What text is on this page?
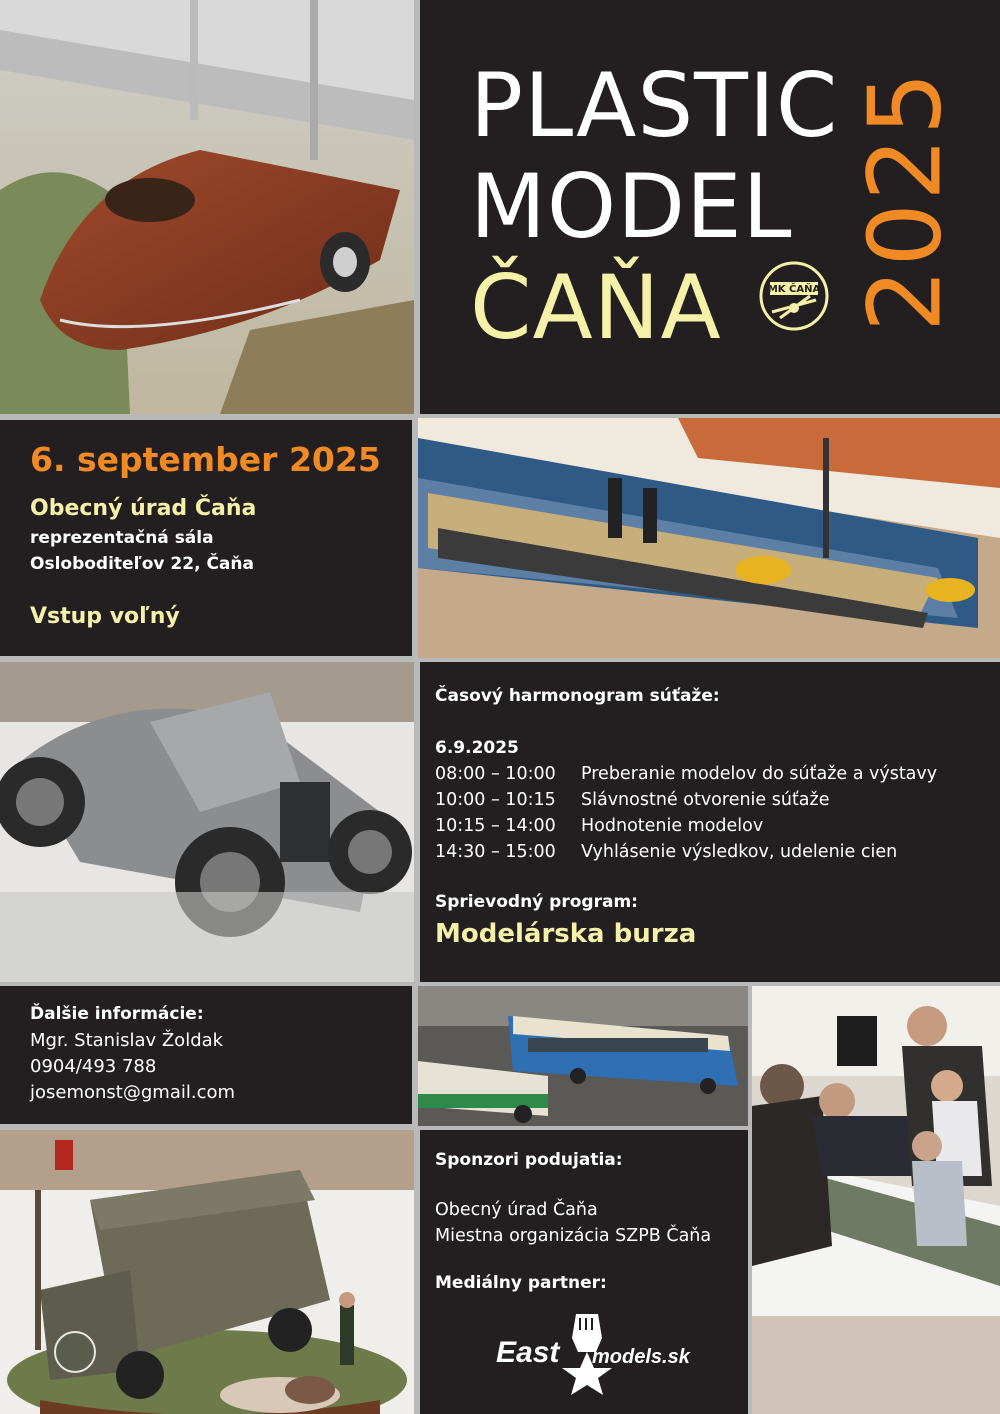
PLASTIC
MODEL
ČAŇA 2025
MK ČAŇA
6. september 2025
Obecný úrad Čaňa
reprezentačná sála
Osloboditeľov 22, Čaňa
Vstup voľný
Časový harmonogram súťaže:
6.9.2025
08:00 – 10:00 Preberanie modelov do súťaže a výstavy
10:00 – 10:15 Slávnostné otvorenie súťaže
10:15 – 14:00 Hodnotenie modelov
14:30 – 15:00 Vyhlásenie výsledkov, udelenie cien
Sprievodný program:
Modelárska burza
Ďalšie informácie:
Mgr. Stanislav Žoldak
0904/493 788
josemonst@gmail.com
Sponzori podujatia:
Obecný úrad Čaňa
Miestna organizácia SZPB Čaňa
Mediálny partner:
East models.sk
